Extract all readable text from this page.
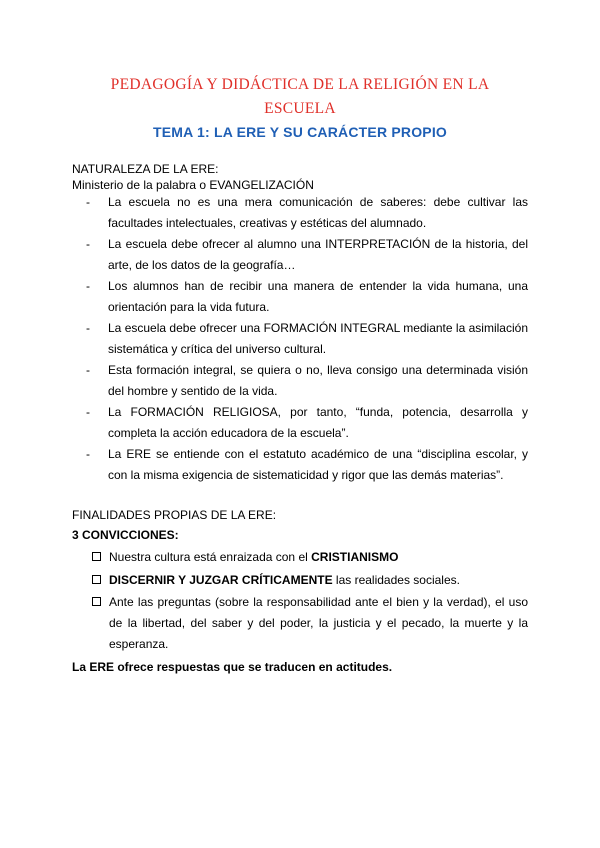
PEDAGOGÍA Y DIDÁCTICA DE LA RELIGIÓN EN LA
ESCUELA
TEMA 1: LA ERE Y SU CARÁCTER PROPIO
NATURALEZA DE LA ERE:
Ministerio de la palabra o EVANGELIZACIÓN
- La escuela no es una mera comunicación de saberes: debe cultivar las facultades intelectuales, creativas y estéticas del alumnado.
- La escuela debe ofrecer al alumno una INTERPRETACIÓN de la historia, del arte, de los datos de la geografía…
- Los alumnos han de recibir una manera de entender la vida humana, una orientación para la vida futura.
- La escuela debe ofrecer una FORMACIÓN INTEGRAL mediante la asimilación sistemática y crítica del universo cultural.
- Esta formación integral, se quiera o no, lleva consigo una determinada visión del hombre y sentido de la vida.
- La FORMACIÓN RELIGIOSA, por tanto, “funda, potencia, desarrolla y completa la acción educadora de la escuela”.
- La ERE se entiende con el estatuto académico de una “disciplina escolar, y con la misma exigencia de sistematicidad y rigor que las demás materias”.
FINALIDADES PROPIAS DE LA ERE:
3 CONVICCIONES:
Nuestra cultura está enraizada con el CRISTIANISMO
DISCERNIR Y JUZGAR CRÍTICAMENTE las realidades sociales.
Ante las preguntas (sobre la responsabilidad ante el bien y la verdad), el uso de la libertad, del saber y del poder, la justicia y el pecado, la muerte y la esperanza.
La ERE ofrece respuestas que se traducen en actitudes.
